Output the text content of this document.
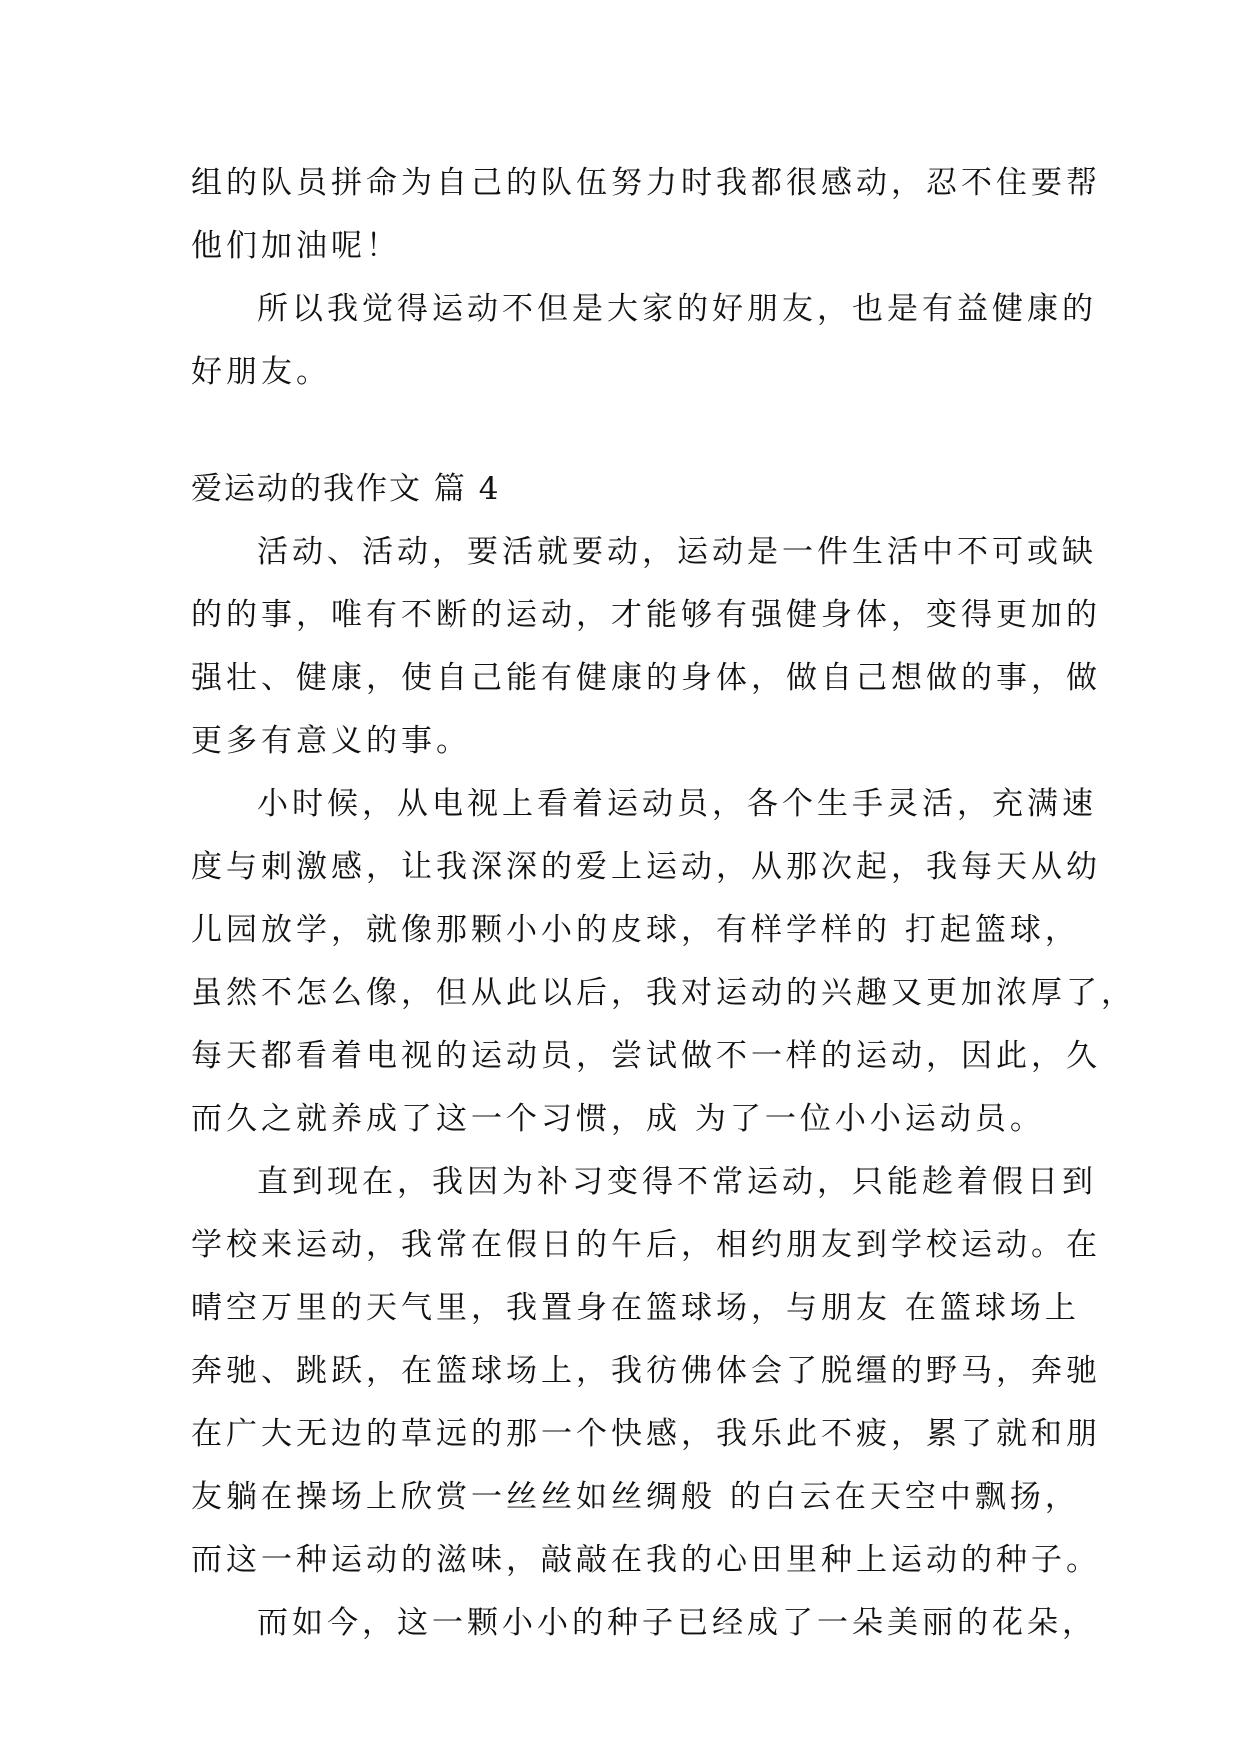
组的队员拼命为自己的队伍努力时我都很感动，忍不住要帮
他们加油呢！
所以我觉得运动不但是大家的好朋友，也是有益健康的
好朋友。
爱运动的我作文 篇 4
活动、活动，要活就要动，运动是一件生活中不可或缺
的的事，唯有不断的运动，才能够有强健身体，变得更加的
强壮、健康，使自己能有健康的身体，做自己想做的事，做
更多有意义的事。
小时候，从电视上看着运动员，各个生手灵活，充满速
度与刺激感，让我深深的爱上运动，从那次起，我每天从幼
儿园放学，就像那颗小小的皮球，有样学样的 打起篮球，
虽然不怎么像，但从此以后，我对运动的兴趣又更加浓厚了，
每天都看着电视的运动员，尝试做不一样的运动，因此，久
而久之就养成了这一个习惯，成 为了一位小小运动员。
直到现在，我因为补习变得不常运动，只能趁着假日到
学校来运动，我常在假日的午后，相约朋友到学校运动。在
晴空万里的天气里，我置身在篮球场，与朋友 在篮球场上
奔驰、跳跃，在篮球场上，我彷佛体会了脱缰的野马，奔驰
在广大无边的草远的那一个快感，我乐此不疲，累了就和朋
友躺在操场上欣赏一丝丝如丝绸般 的白云在天空中飘扬，
而这一种运动的滋味，敲敲在我的心田里种上运动的种子。
而如今，这一颗小小的种子已经成了一朵美丽的花朵，
